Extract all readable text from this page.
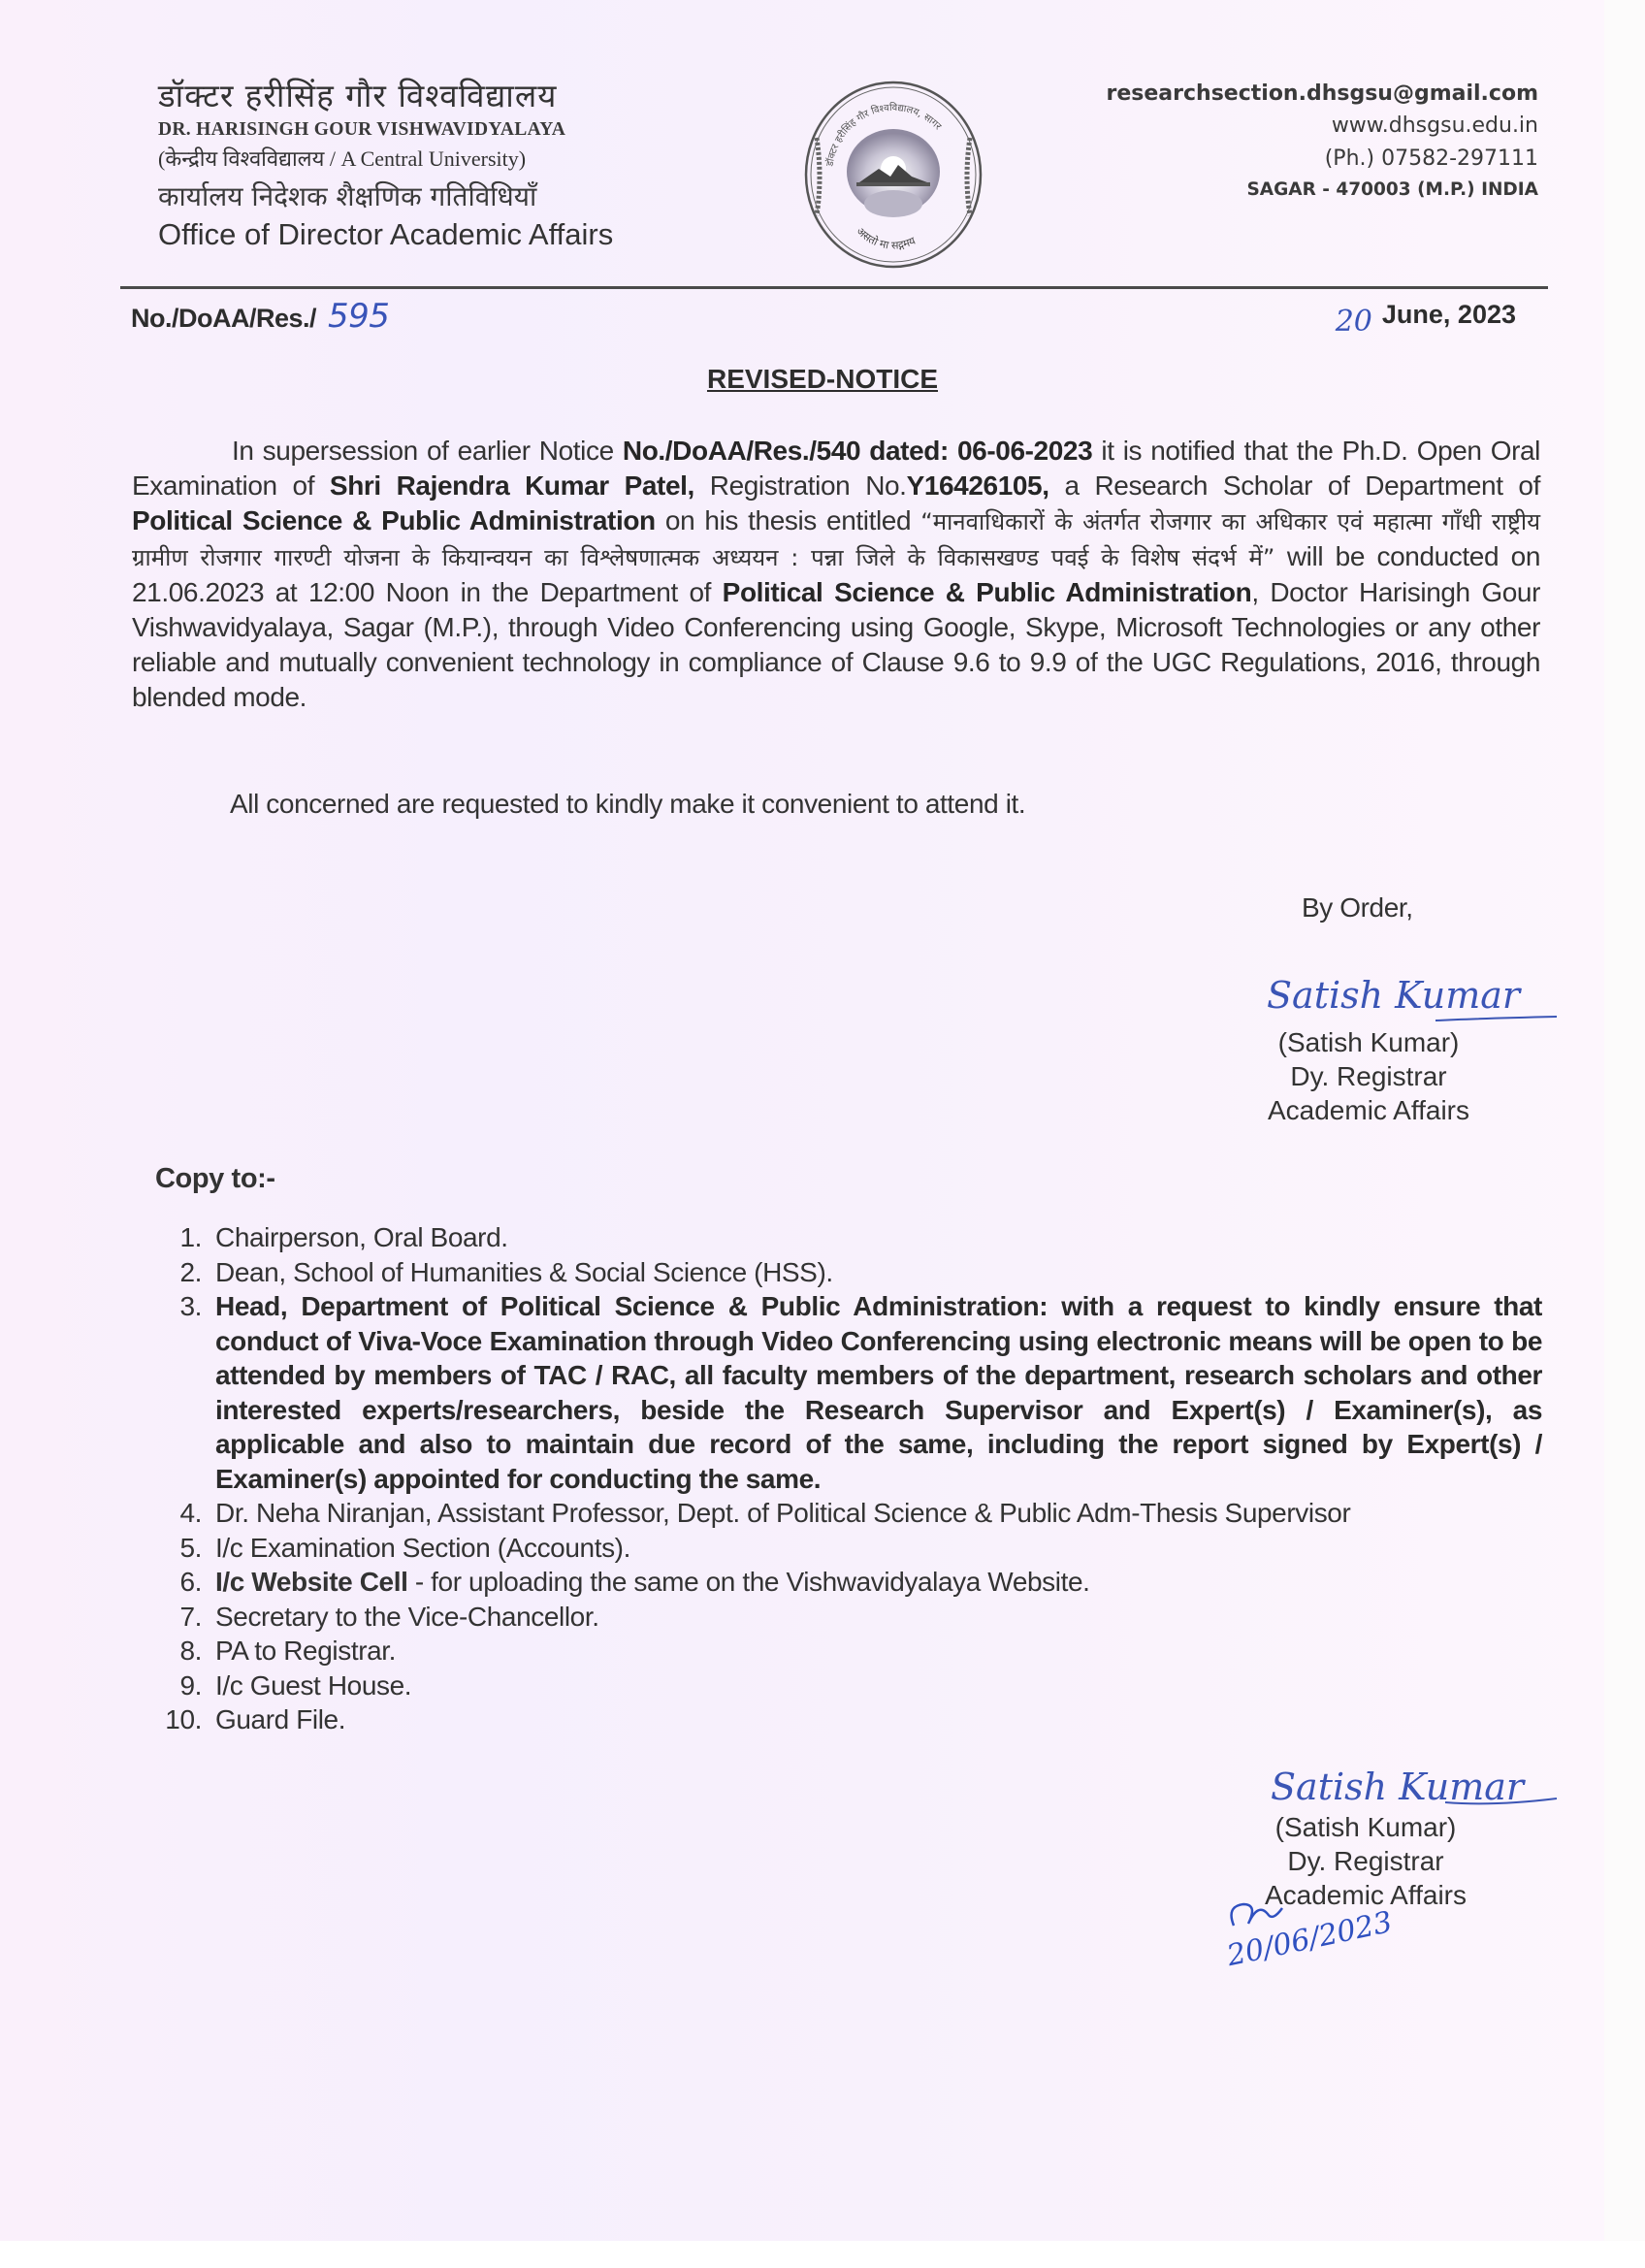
डॉक्टर हरीसिंह गौर विश्वविद्यालय
DR. HARISINGH GOUR VISHWAVIDYALAYA
(केन्द्रीय विश्वविद्यालय / A Central University)
कार्यालय निदेशक शैक्षणिक गतिविधियाँ
Office of Director Academic Affairs
डॉक्टर हरीसिंह गौर विश्वविद्यालय, सागर
असतो मा सद्गमय
researchsection.dhsgsu@gmail.com
www.dhsgsu.edu.in
(Ph.) 07582-297111
SAGAR - 470003 (M.P.) INDIA
No./DoAA/Res./ 595	20 June, 2023
REVISED-NOTICE
In supersession of earlier Notice No./DoAA/Res./540 dated: 06-06-2023 it is notified that the Ph.D. Open Oral Examination of Shri Rajendra Kumar Patel, Registration No.Y16426105, a Research Scholar of Department of Political Science & Public Administration on his thesis entitled “मानवाधिकारों के अंतर्गत रोजगार का अधिकार एवं महात्मा गाँधी राष्ट्रीय ग्रामीण रोजगार गारण्टी योजना के कियान्वयन का विश्लेषणात्मक अध्ययन : पन्ना जिले के विकासखण्ड पवई के विशेष संदर्भ में” will be conducted on 21.06.2023 at 12:00 Noon in the Department of Political Science & Public Administration, Doctor Harisingh Gour Vishwavidyalaya, Sagar (M.P.), through Video Conferencing using Google, Skype, Microsoft Technologies or any other reliable and mutually convenient technology in compliance of Clause 9.6 to 9.9 of the UGC Regulations, 2016, through blended mode.
All concerned are requested to kindly make it convenient to attend it.
By Order,
Satish Kumar
(Satish Kumar)
Dy. Registrar
Academic Affairs
Copy to:-
1. Chairperson, Oral Board.
2. Dean, School of Humanities & Social Science (HSS).
3. Head, Department of Political Science & Public Administration: with a request to kindly ensure that conduct of Viva-Voce Examination through Video Conferencing using electronic means will be open to be attended by members of TAC / RAC, all faculty members of the department, research scholars and other interested experts/researchers, beside the Research Supervisor and Expert(s) / Examiner(s), as applicable and also to maintain due record of the same, including the report signed by Expert(s) / Examiner(s) appointed for conducting the same.
4. Dr. Neha Niranjan, Assistant Professor, Dept. of Political Science & Public Adm-Thesis Supervisor
5. I/c Examination Section (Accounts).
6. I/c Website Cell - for uploading the same on the Vishwavidyalaya Website.
7. Secretary to the Vice-Chancellor.
8. PA to Registrar.
9. I/c Guest House.
10. Guard File.
Satish Kumar
(Satish Kumar)
Dy. Registrar
Academic Affairs
20/06/2023
